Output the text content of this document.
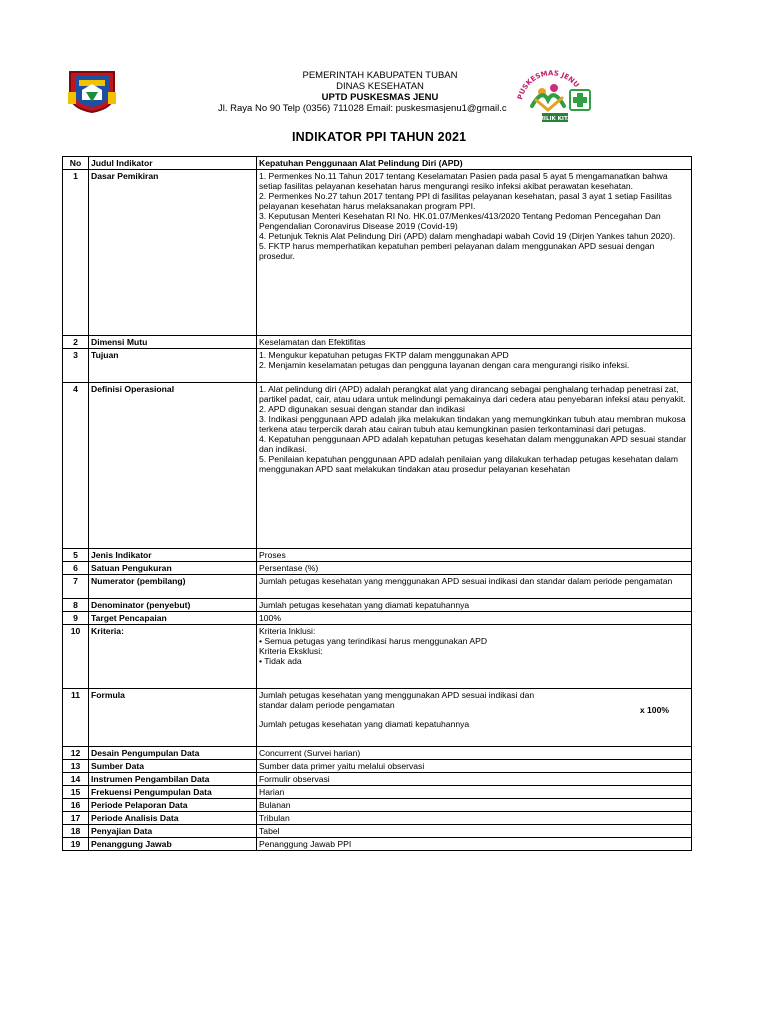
PEMERINTAH KABUPATEN TUBAN
DINAS KESEHATAN
UPTD PUSKESMAS JENU
Jl. Raya No 90 Telp (0356) 711028 Email: puskesmasjenu1@gmail.c
PUSKESMAS JENU
MILIK KITA
INDIKATOR PPI TAHUN 2021
No	Judul Indikator	Kepatuhan Penggunaan Alat Pelindung Diri (APD)
1	Dasar Pemikiran	1. Permenkes No.11 Tahun 2017 tentang Keselamatan Pasien pada pasal 5 ayat 5 mengamanatkan bahwa setiap fasilitas pelayanan kesehatan harus mengurangi resiko infeksi akibat perawatan kesehatan.
2. Permenkes No.27 tahun 2017 tentang PPI di fasilitas pelayanan kesehatan, pasal 3 ayat 1 setiap Fasilitas pelayanan kesehatan harus melaksanakan program PPI.
3. Keputusan Menteri Kesehatan RI No. HK.01.07/Menkes/413/2020 Tentang Pedoman Pencegahan Dan Pengendalian Coronavirus Disease 2019 (Covid-19)
4. Petunjuk Teknis Alat Pelindung Diri (APD) dalam menghadapi wabah Covid 19 (Dirjen Yankes tahun 2020).
5. FKTP harus memperhatikan kepatuhan pemberi pelayanan dalam menggunakan APD sesuai dengan prosedur.

2	Dimensi Mutu	Keselamatan dan Efektifitas

3	Tujuan	1. Mengukur kepatuhan petugas FKTP dalam menggunakan APD
2. Menjamin keselamatan petugas dan pengguna layanan dengan cara mengurangi risiko infeksi.

4	Definisi Operasional	1. Alat pelindung diri (APD) adalah perangkat alat yang dirancang sebagai penghalang terhadap penetrasi zat, partikel padat, cair, atau udara untuk melindungi pemakainya dari cedera atau penyebaran infeksi atau penyakit.
2. APD digunakan sesuai dengan standar dan indikasi
3. Indikasi penggunaan APD adalah jika melakukan tindakan yang memungkinkan tubuh atau membran mukosa terkena atau terpercik darah atau cairan tubuh atau kemungkinan pasien terkontaminasi dari petugas.
4. Kepatuhan penggunaan APD adalah kepatuhan petugas kesehatan dalam menggunakan APD sesuai standar dan indikasi.
5. Penilaian kepatuhan penggunaan APD adalah penilaian yang dilakukan terhadap petugas kesehatan dalam menggunakan APD saat melakukan tindakan atau prosedur pelayanan kesehatan

5	Jenis Indikator	Proses

6	Satuan Pengukuran	Persentase (%)

7	Numerator (pembilang)	Jumlah petugas kesehatan yang menggunakan APD sesuai indikasi dan standar dalam periode pengamatan

8	Denominator (penyebut)	Jumlah petugas kesehatan yang diamati kepatuhannya

9	Target Pencapaian	100%

10	Kriteria:	Kriteria Inklusi:
• Semua petugas yang terindikasi harus menggunakan APD
Kriteria Eksklusi:
• Tidak ada

11	Formula	Jumlah petugas kesehatan yang menggunakan APD sesuai indikasi dan
standar dalam periode pengamatan
Jumlah petugas kesehatan yang diamati kepatuhannya
x 100%

12	Desain Pengumpulan Data	Concurrent (Survei harian)
13	Sumber Data	Sumber data primer yaitu melalui observasi
14	Instrumen Pengambilan Data	Formulir observasi
15	Frekuensi Pengumpulan Data	Harian
16	Periode Pelaporan Data	Bulanan
17	Periode Analisis Data	Tribulan
18	Penyajian Data	Tabel
19	Penanggung Jawab	Penanggung Jawab PPI
